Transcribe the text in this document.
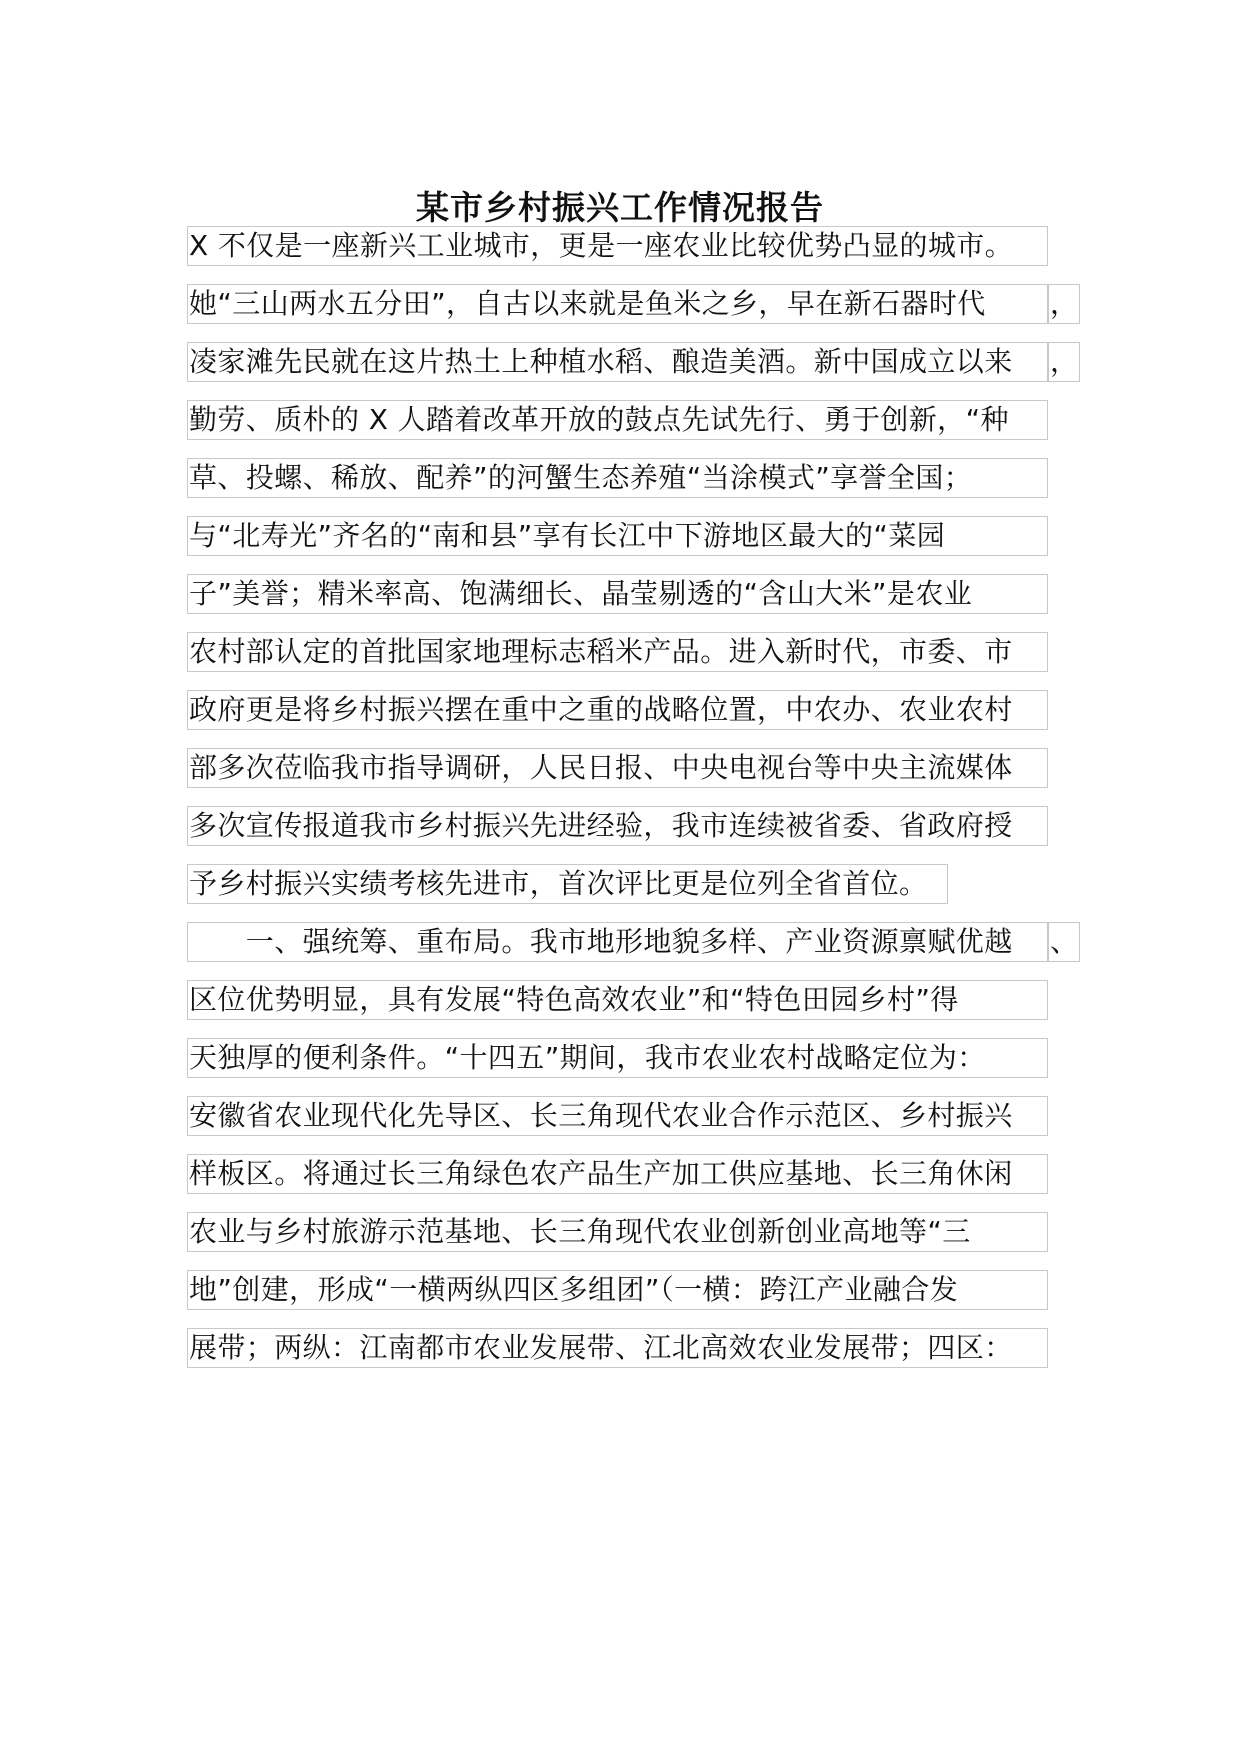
某市乡村振兴工作情况报告
X 不仅是一座新兴工业城市，更是一座农业比较优势凸显的城市。
她“三山两水五分田”，自古以来就是鱼米之乡，早在新石器时代	，
凌家滩先民就在这片热土上种植水稻、酿造美酒。新中国成立以来	，
勤劳、质朴的 X 人踏着改革开放的鼓点先试先行、勇于创新，“种
草、投螺、稀放、配养”的河蟹生态养殖“当涂模式”享誉全国；
与“北寿光”齐名的“南和县”享有长江中下游地区最大的“菜园
子”美誉；精米率高、饱满细长、晶莹剔透的“含山大米”是农业
农村部认定的首批国家地理标志稻米产品。进入新时代，市委、市
政府更是将乡村振兴摆在重中之重的战略位置，中农办、农业农村
部多次莅临我市指导调研，人民日报、中央电视台等中央主流媒体
多次宣传报道我市乡村振兴先进经验，我市连续被省委、省政府授
予乡村振兴实绩考核先进市，首次评比更是位列全省首位。
　　一、强统筹、重布局。我市地形地貌多样、产业资源禀赋优越	、
区位优势明显，具有发展“特色高效农业”和“特色田园乡村”得
天独厚的便利条件。“十四五”期间，我市农业农村战略定位为：
安徽省农业现代化先导区、长三角现代农业合作示范区、乡村振兴
样板区。将通过长三角绿色农产品生产加工供应基地、长三角休闲
农业与乡村旅游示范基地、长三角现代农业创新创业高地等“三
地”创建，形成“一横两纵四区多组团”（一横：跨江产业融合发
展带；两纵：江南都市农业发展带、江北高效农业发展带；四区：
